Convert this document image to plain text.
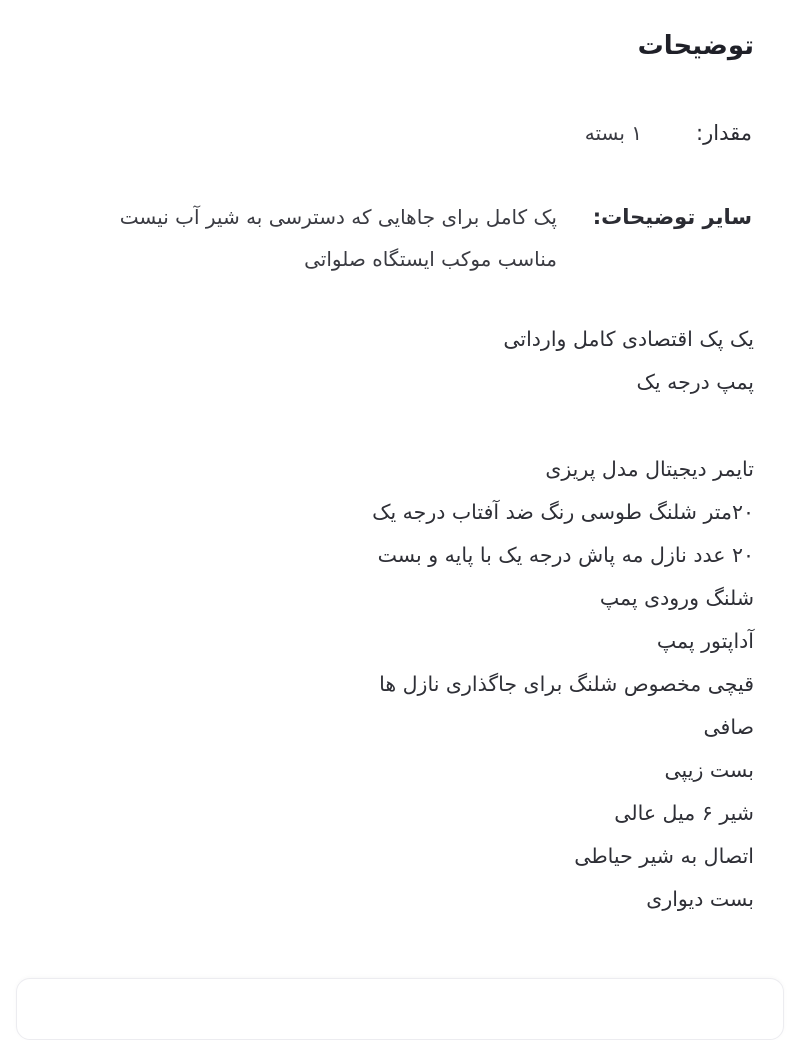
توضیحات
مقدار:
۱ بسته
سایر توضیحات:
پک کامل برای جاهایی که دسترسی به شیر آب نیست مناسب موکب ایستگاه صلواتی
یک پک اقتصادی کامل وارداتی
پمپ درجه یک
تایمر دیجیتال مدل پریزی
۲۰متر شلنگ طوسی رنگ ضد آفتاب درجه یک
۲۰ عدد نازل مه پاش درجه یک با پایه و بست
شلنگ ورودی پمپ
آداپتور پمپ
قیچی مخصوص شلنگ برای جاگذاری نازل ها
صافی
بست زیپی
شیر ۶ میل عالی
اتصال به شیر حیاطی
بست دیواری
